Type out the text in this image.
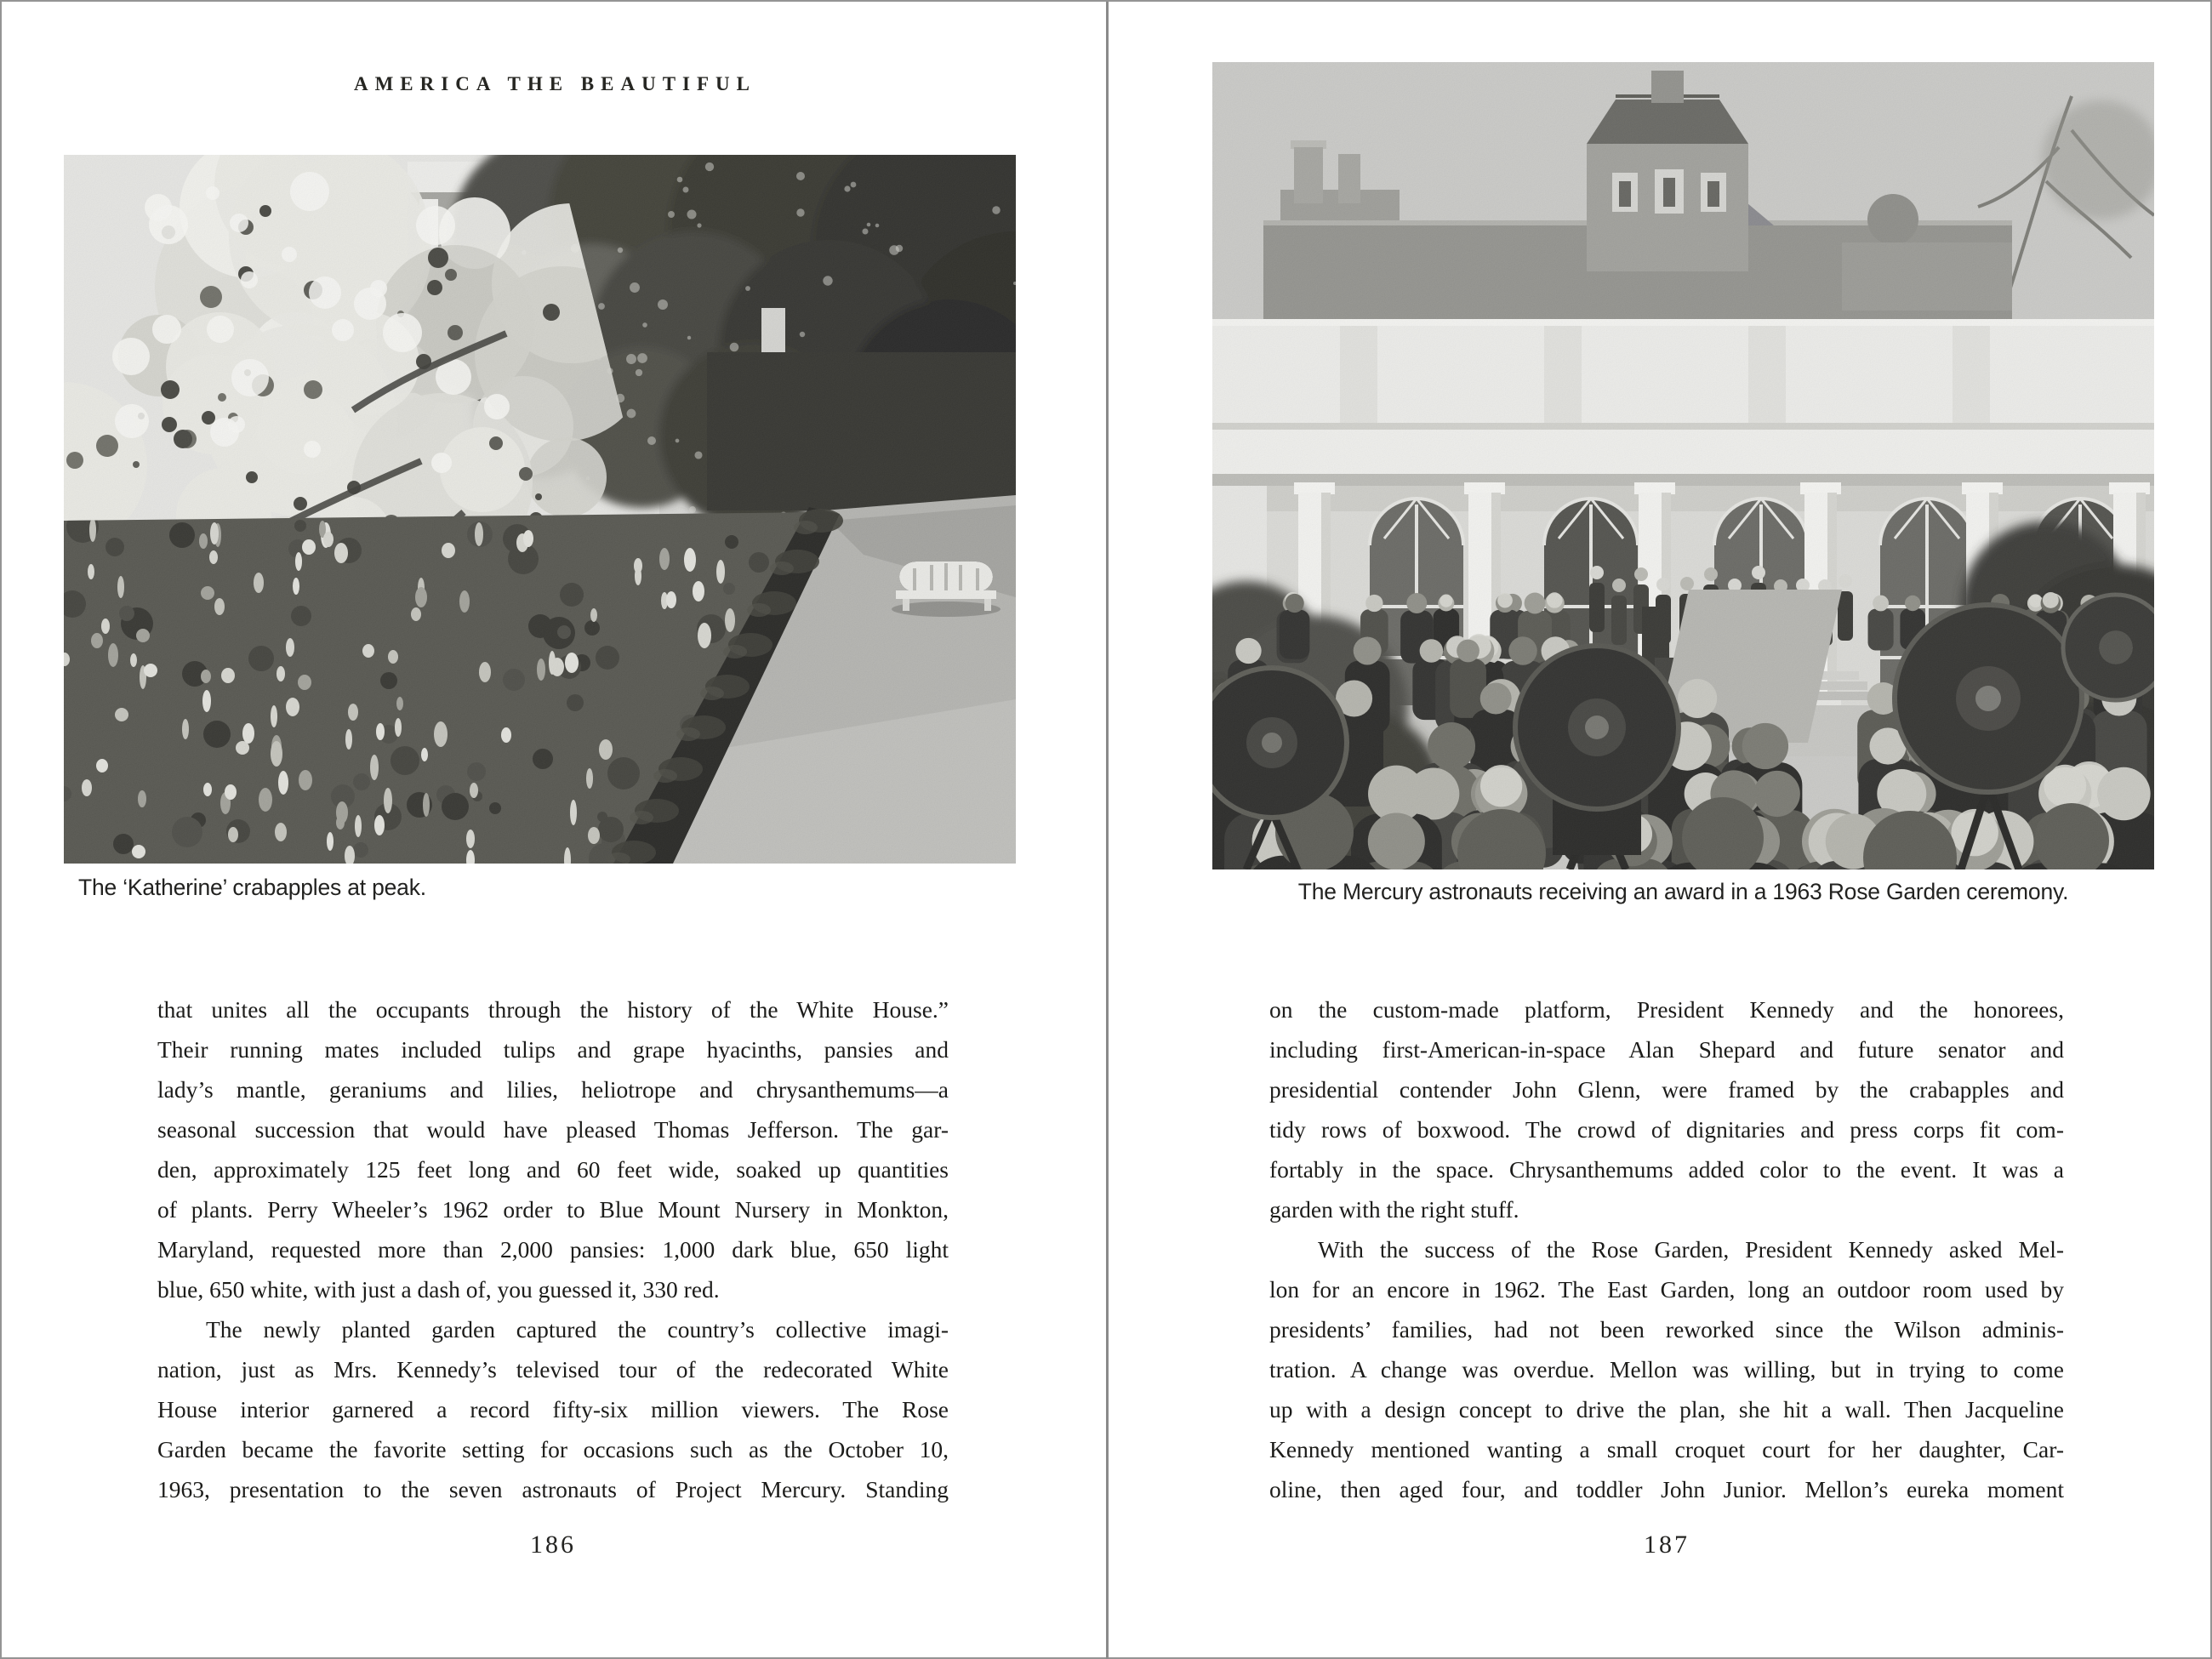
AMERICA THE BEAUTIFUL
The ‘Katherine’ crabapples at peak.
that unites all the occupants through the history of the White House.”
Their running mates included tulips and grape hyacinths, pansies and
lady’s mantle, geraniums and lilies, heliotrope and chrysanthemums—a
seasonal succession that would have pleased Thomas Jefferson. The gar-
den, approximately 125 feet long and 60 feet wide, soaked up quantities
of plants. Perry Wheeler’s 1962 order to Blue Mount Nursery in Monkton,
Maryland, requested more than 2,000 pansies: 1,000 dark blue, 650 light
blue, 650 white, with just a dash of, you guessed it, 330 red.
The newly planted garden captured the country’s collective imagi-
nation, just as Mrs. Kennedy’s televised tour of the redecorated White
House interior garnered a record fifty-six million viewers. The Rose
Garden became the favorite setting for occasions such as the October 10,
1963, presentation to the seven astronauts of Project Mercury. Standing
186
The Mercury astronauts receiving an award in a 1963 Rose Garden ceremony.
on the custom-made platform, President Kennedy and the honorees,
including first-American-in-space Alan Shepard and future senator and
presidential contender John Glenn, were framed by the crabapples and
tidy rows of boxwood. The crowd of dignitaries and press corps fit com-
fortably in the space. Chrysanthemums added color to the event. It was a
garden with the right stuff.
With the success of the Rose Garden, President Kennedy asked Mel-
lon for an encore in 1962. The East Garden, long an outdoor room used by
presidents’ families, had not been reworked since the Wilson adminis-
tration. A change was overdue. Mellon was willing, but in trying to come
up with a design concept to drive the plan, she hit a wall. Then Jacqueline
Kennedy mentioned wanting a small croquet court for her daughter, Car-
oline, then aged four, and toddler John Junior. Mellon’s eureka moment
187
